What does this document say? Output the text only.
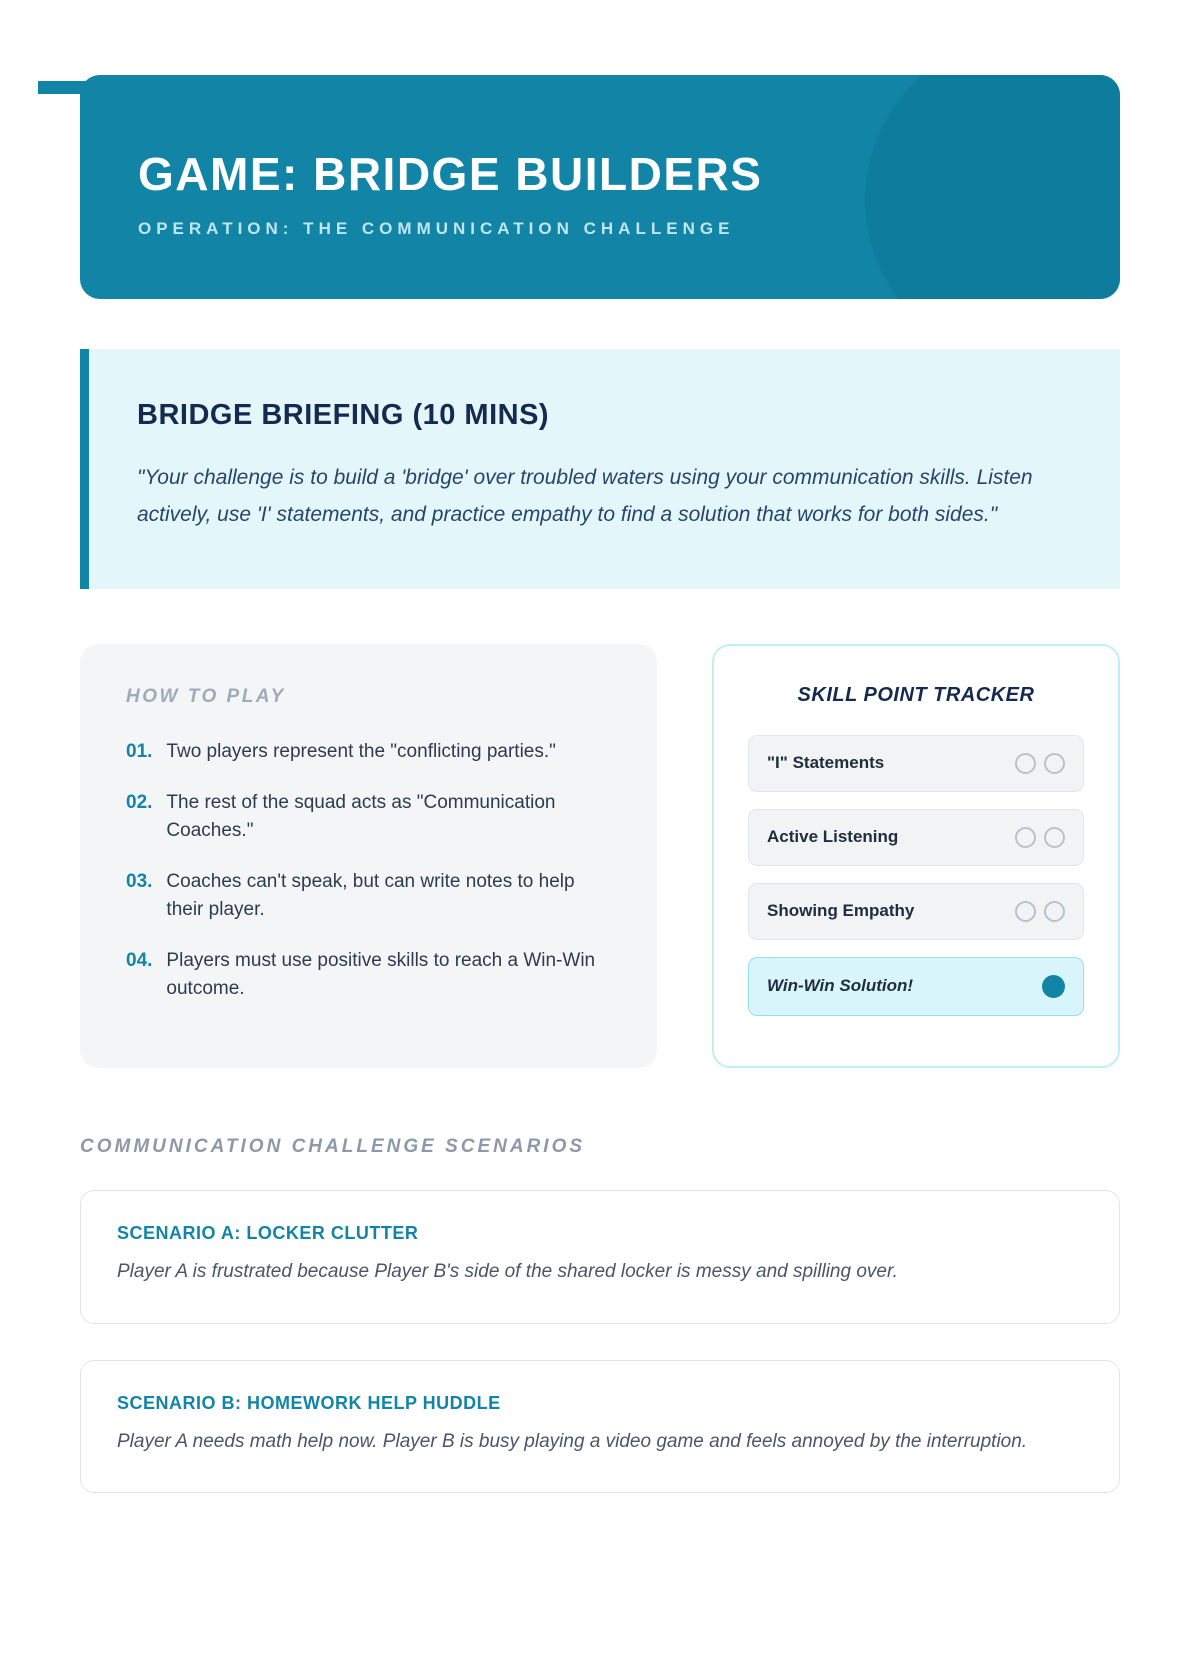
GAME: BRIDGE BUILDERS
OPERATION: THE COMMUNICATION CHALLENGE
BRIDGE BRIEFING (10 MINS)

"Your challenge is to build a 'bridge' over troubled waters using your communication skills. Listen actively, use 'I' statements, and practice empathy to find a solution that works for both sides."

HOW TO PLAY
01. Two players represent the "conflicting parties."
02. The rest of the squad acts as "Communication Coaches."
03. Coaches can't speak, but can write notes to help their player.
04. Players must use positive skills to reach a Win-Win outcome.
SKILL POINT TRACKER
"I" Statements
Active Listening
Showing Empathy
Win-Win Solution!
COMMUNICATION CHALLENGE SCENARIOS
SCENARIO A: LOCKER CLUTTER

Player A is frustrated because Player B's side of the shared locker is messy and spilling over.

SCENARIO B: HOMEWORK HELP HUDDLE

Player A needs math help now. Player B is busy playing a video game and feels annoyed by the interruption.
